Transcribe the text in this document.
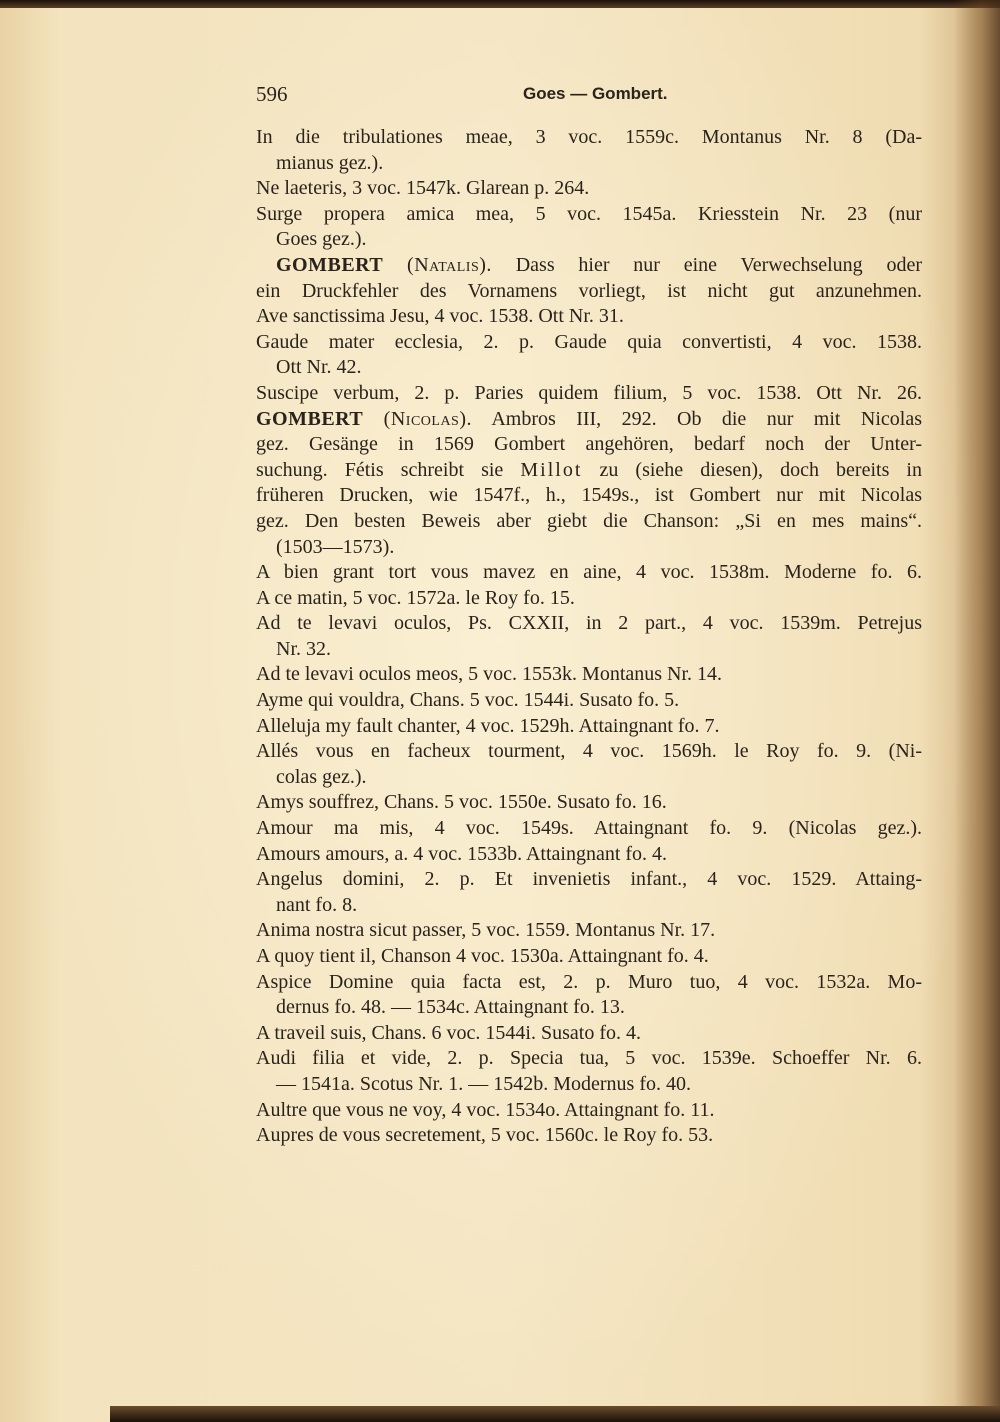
596	Goes — Gombert.
In die tribulationes meae, 3 voc. 1559c. Montanus Nr. 8 (Da-
mianus gez.).
Ne laeteris, 3 voc. 1547k. Glarean p. 264.
Surge propera amica mea, 5 voc. 1545a. Kriesstein Nr. 23 (nur
Goes gez.).
GOMBERT (Natalis). Dass hier nur eine Verwechselung oder
ein Druckfehler des Vornamens vorliegt, ist nicht gut anzunehmen.
Ave sanctissima Jesu, 4 voc. 1538. Ott Nr. 31.
Gaude mater ecclesia, 2. p. Gaude quia convertisti, 4 voc. 1538.
Ott Nr. 42.
Suscipe verbum, 2. p. Paries quidem filium, 5 voc. 1538. Ott Nr. 26.
GOMBERT (Nicolas). Ambros III, 292. Ob die nur mit Nicolas
gez. Gesänge in 1569 Gombert angehören, bedarf noch der Unter-
suchung. Fétis schreibt sie Millot zu (siehe diesen), doch bereits in
früheren Drucken, wie 1547f., h., 1549s., ist Gombert nur mit Nicolas
gez. Den besten Beweis aber giebt die Chanson: „Si en mes mains“.
(1503—1573).
A bien grant tort vous mavez en aine, 4 voc. 1538m. Moderne fo. 6.
A ce matin, 5 voc. 1572a. le Roy fo. 15.
Ad te levavi oculos, Ps. CXXII, in 2 part., 4 voc. 1539m. Petrejus
Nr. 32.
Ad te levavi oculos meos, 5 voc. 1553k. Montanus Nr. 14.
Ayme qui vouldra, Chans. 5 voc. 1544i. Susato fo. 5.
Alleluja my fault chanter, 4 voc. 1529h. Attaingnant fo. 7.
Allés vous en facheux tourment, 4 voc. 1569h. le Roy fo. 9. (Ni-
colas gez.).
Amys souffrez, Chans. 5 voc. 1550e. Susato fo. 16.
Amour ma mis, 4 voc. 1549s. Attaingnant fo. 9. (Nicolas gez.).
Amours amours, a. 4 voc. 1533b. Attaingnant fo. 4.
Angelus domini, 2. p. Et invenietis infant., 4 voc. 1529. Attaing-
nant fo. 8.
Anima nostra sicut passer, 5 voc. 1559. Montanus Nr. 17.
A quoy tient il, Chanson 4 voc. 1530a. Attaingnant fo. 4.
Aspice Domine quia facta est, 2. p. Muro tuo, 4 voc. 1532a. Mo-
dernus fo. 48. — 1534c. Attaingnant fo. 13.
A traveil suis, Chans. 6 voc. 1544i. Susato fo. 4.
Audi filia et vide, 2. p. Specia tua, 5 voc. 1539e. Schoeffer Nr. 6.
— 1541a. Scotus Nr. 1. — 1542b. Modernus fo. 40.
Aultre que vous ne voy, 4 voc. 1534o. Attaingnant fo. 11.
Aupres de vous secretement, 5 voc. 1560c. le Roy fo. 53.
